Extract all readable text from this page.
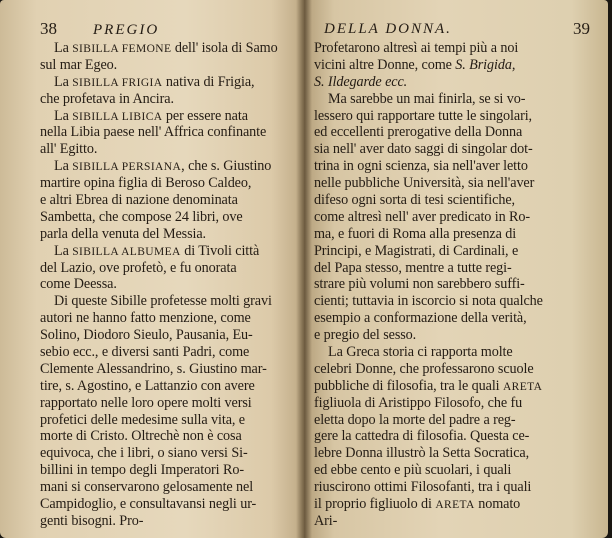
38 PREGIO
La SIBILLA FEMONE dell' isola di Samo
sul mar Egeo.
La SIBILLA FRIGIA nativa di Frigia,
che profetava in Ancira.
La SIBILLA LIBICA per essere nata
nella Libia paese nell' Affrica confinante
all' Egitto.
La SIBILLA PERSIANA, che s. Giustino
martire opina figlia di Beroso Caldeo,
e altri Ebrea di nazione denominata
Sambetta, che compose 24 libri, ove
parla della venuta del Messia.
La SIBILLA ALBUMEA di Tivoli città
del Lazio, ove profetò, e fu onorata
come Deessa.
Di queste Sibille profetesse molti gravi
autori ne hanno fatto menzione, come
Solino, Diodoro Sieulo, Pausania, Eu-
sebio ecc., e diversi santi Padri, come
Clemente Alessandrino, s. Giustino mar-
tire, s. Agostino, e Lattanzio con avere
rapportato nelle loro opere molti versi
profetici delle medesime sulla vita, e
morte di Cristo. Oltrechè non è cosa
equivoca, che i libri, o siano versi Si-
billini in tempo degli Imperatori Ro-
mani si conservarono gelosamente nel
Campidoglio, e consultavansi negli ur-
genti bisogni. Pro-
DELLA DONNA.	39
Profetarono altresì ai tempi più a noi
vicini altre Donne, come S. Brigida,
S. Ildegarde ecc.
Ma sarebbe un mai finirla, se si vo-
lessero qui rapportare tutte le singolari,
ed eccellenti prerogative della Donna
sia nell' aver dato saggi di singolar dot-
trina in ogni scienza, sia nell'aver letto
nelle pubbliche Università, sia nell'aver
difeso ogni sorta di tesi scientifiche,
come altresì nell' aver predicato in Ro-
ma, e fuori di Roma alla presenza di
Principi, e Magistrati, di Cardinali, e
del Papa stesso, mentre a tutte regi-
strare più volumi non sarebbero suffi-
cienti; tuttavia in iscorcio si nota qualche
esempio a conformazione della verità,
e pregio del sesso.
La Greca storia ci rapporta molte
celebri Donne, che professarono scuole
pubbliche di filosofia, tra le quali ARETA
figliuola di Aristippo Filosofo, che fu
eletta dopo la morte del padre a reg-
gere la cattedra di filosofia. Questa ce-
lebre Donna illustrò la Setta Socratica,
ed ebbe cento e più scuolari, i quali
riuscirono ottimi Filosofanti, tra i quali
il proprio figliuolo di ARETA nomato
Ari-
